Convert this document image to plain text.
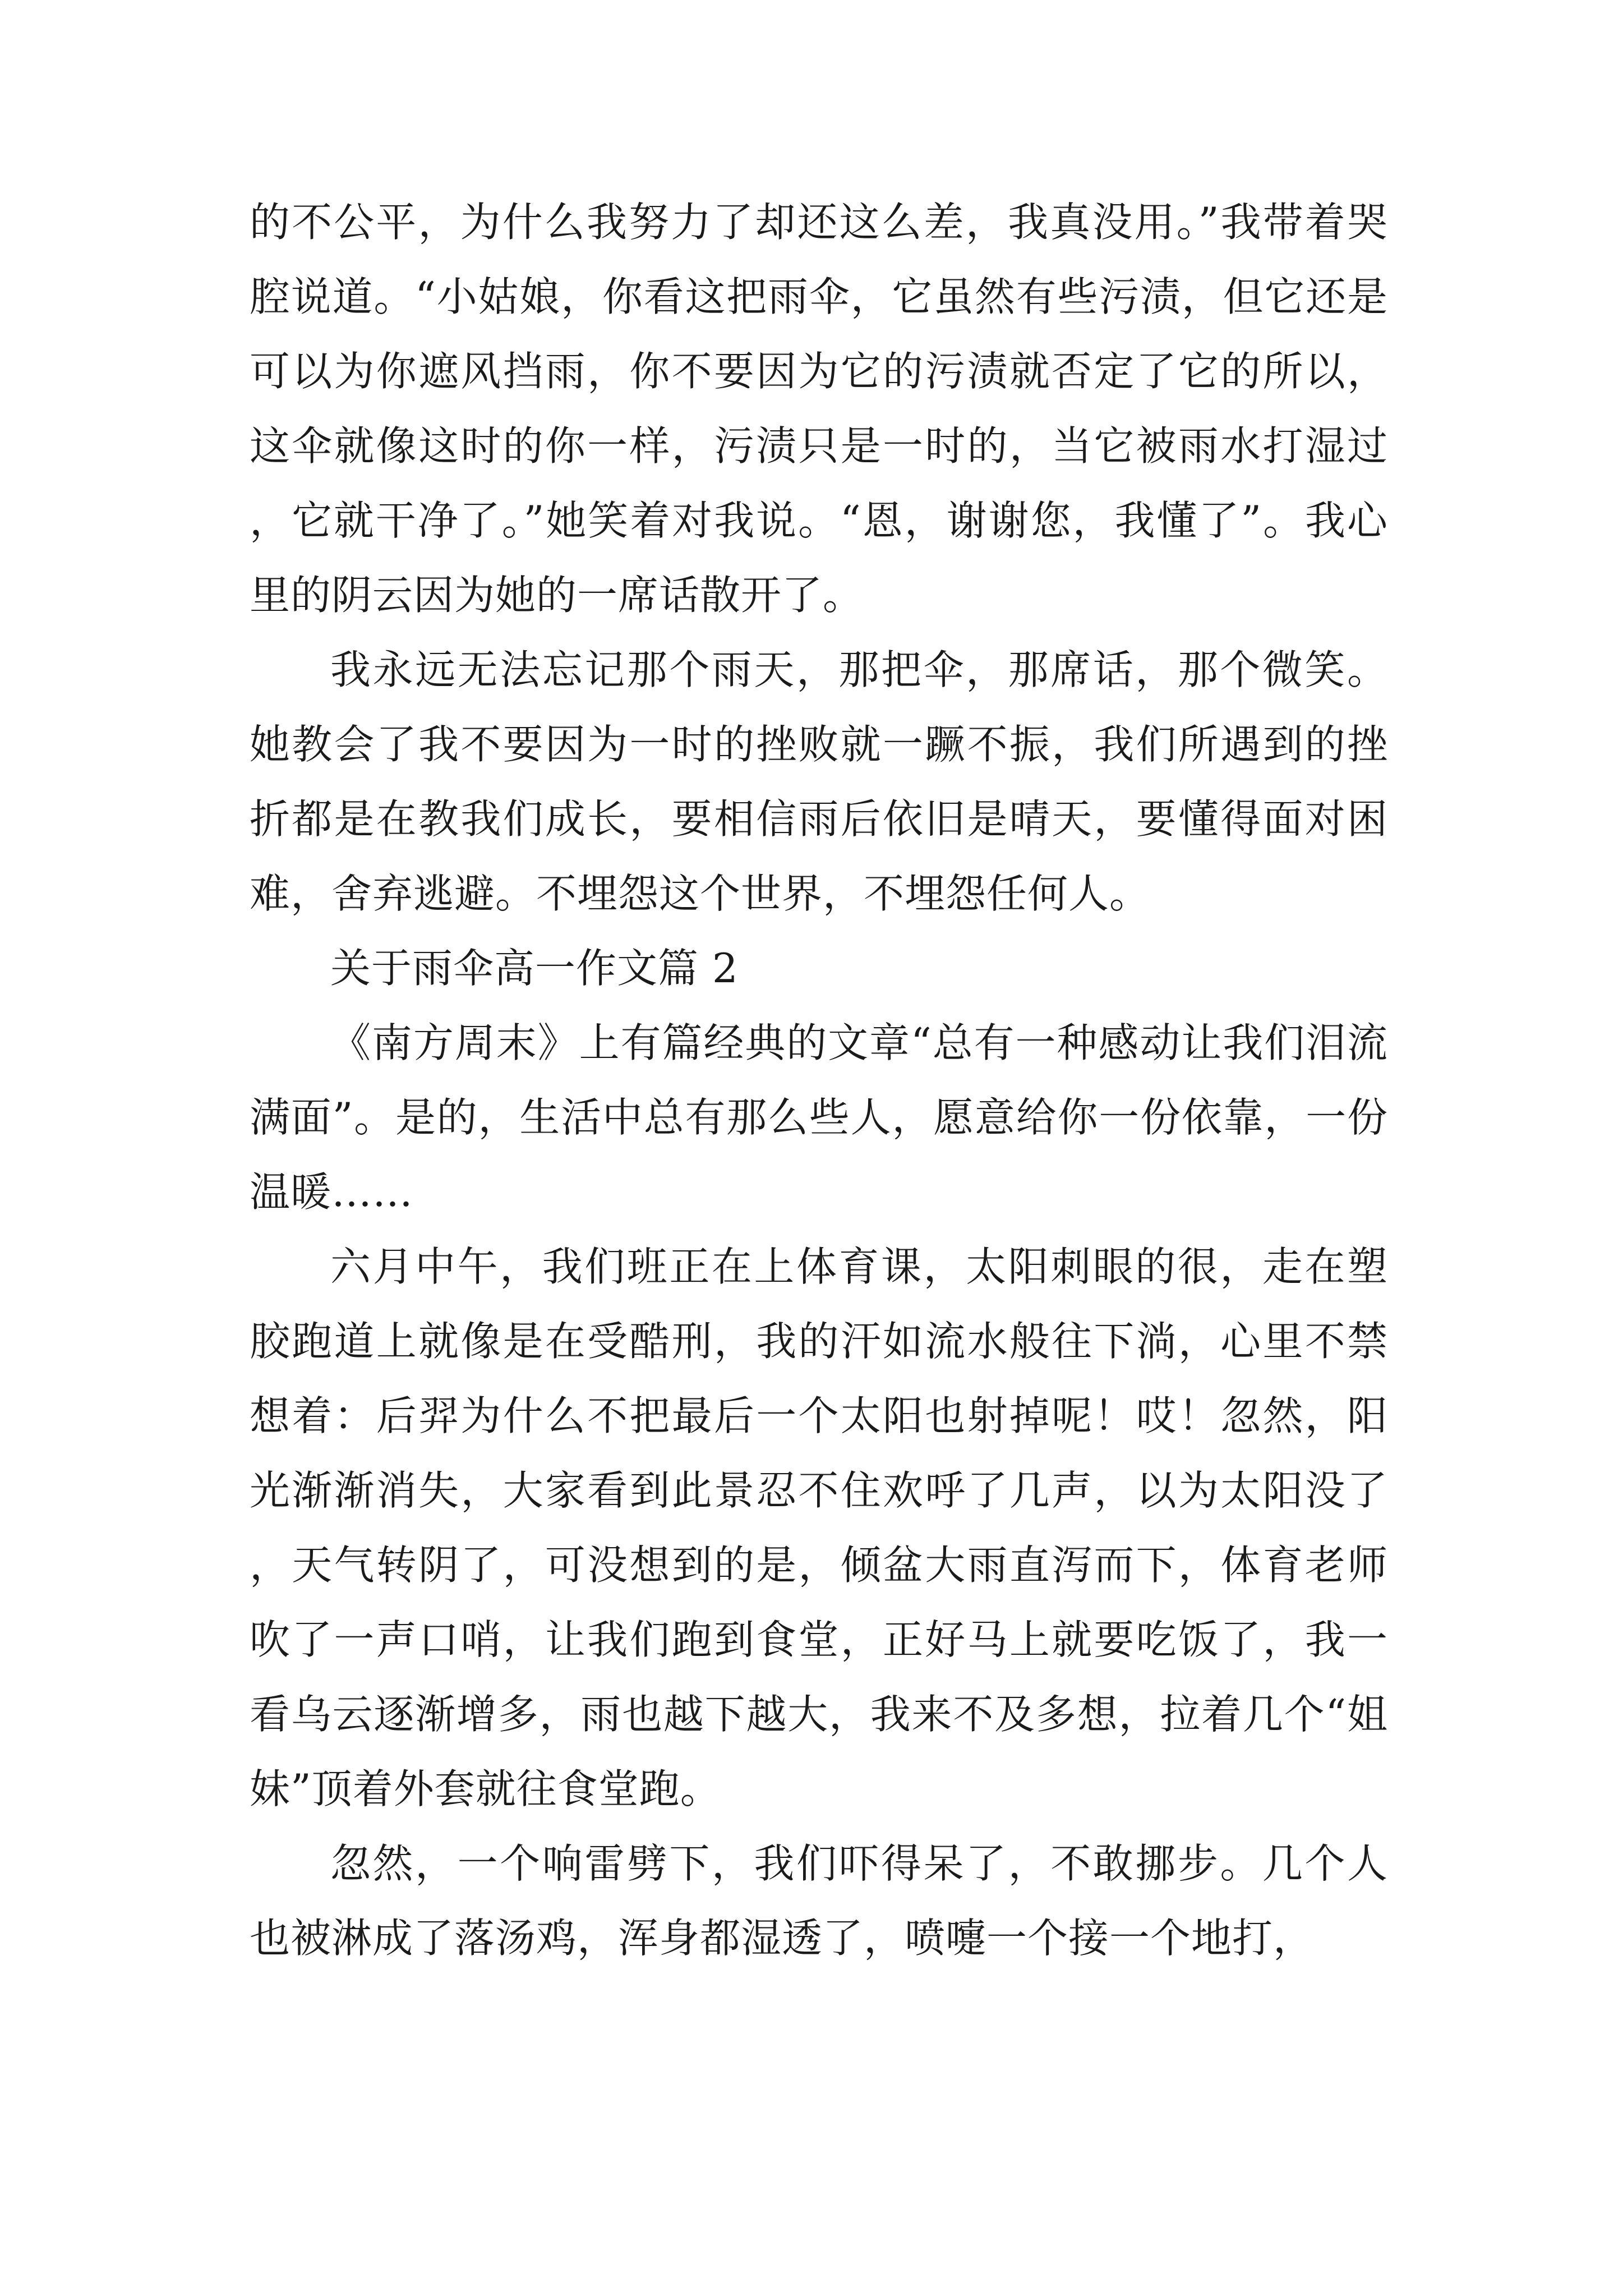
的不公平，为什么我努力了却还这么差，我真没用。”我带着哭腔说道。“小姑娘，你看这把雨伞，它虽然有些污渍，但它还是可以为你遮风挡雨，你不要因为它的污渍就否定了它的所以，这伞就像这时的你一样，污渍只是一时的，当它被雨水打湿过，它就干净了。”她笑着对我说。“恩，谢谢您，我懂了”。我心里的阴云因为她的一席话散开了。

我永远无法忘记那个雨天，那把伞，那席话，那个微笑。她教会了我不要因为一时的挫败就一蹶不振，我们所遇到的挫折都是在教我们成长，要相信雨后依旧是晴天，要懂得面对困难，舍弃逃避。不埋怨这个世界，不埋怨任何人。

关于雨伞高一作文篇 2

《南方周末》上有篇经典的文章“总有一种感动让我们泪流满面”。是的，生活中总有那么些人，愿意给你一份依靠，一份温暖……

六月中午，我们班正在上体育课，太阳刺眼的很，走在塑胶跑道上就像是在受酷刑，我的汗如流水般往下淌，心里不禁想着：后羿为什么不把最后一个太阳也射掉呢！哎！忽然，阳光渐渐消失，大家看到此景忍不住欢呼了几声，以为太阳没了，天气转阴了，可没想到的是，倾盆大雨直泻而下，体育老师吹了一声口哨，让我们跑到食堂，正好马上就要吃饭了，我一看乌云逐渐增多，雨也越下越大，我来不及多想，拉着几个“姐妹”顶着外套就往食堂跑。

忽然，一个响雷劈下，我们吓得呆了，不敢挪步。几个人也被淋成了落汤鸡，浑身都湿透了，喷嚏一个接一个地打，
